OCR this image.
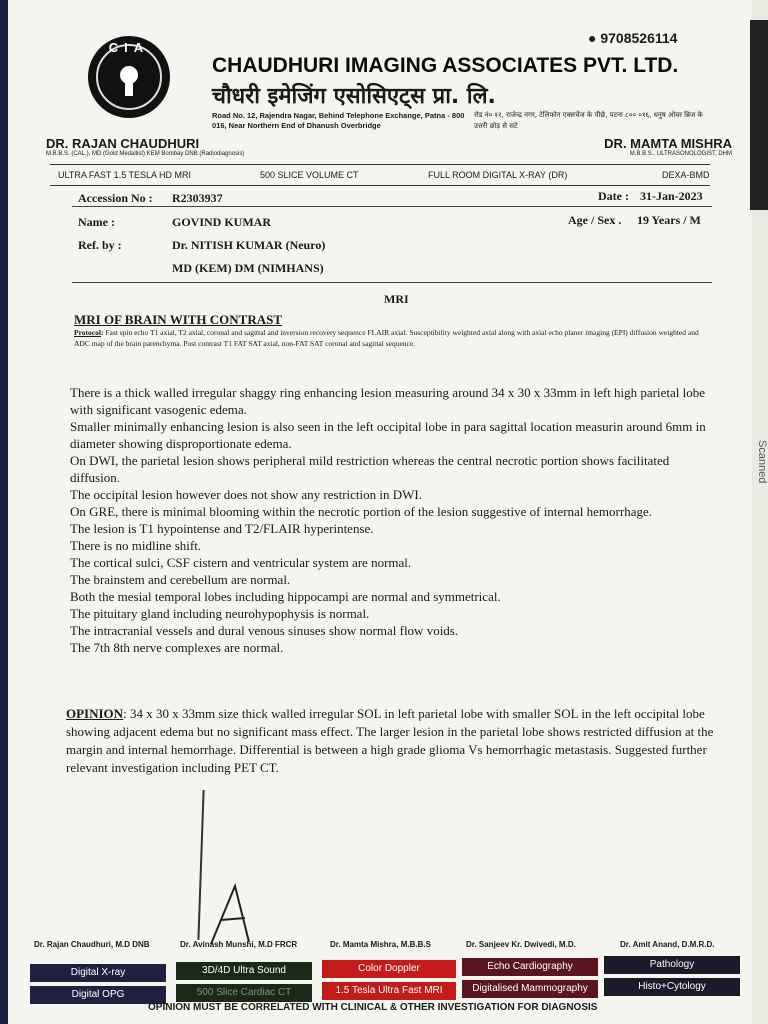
Scanned
CIA
● 9708526114
CHAUDHURI IMAGING ASSOCIATES PVT. LTD.
चौधरी इमेजिंग एसोसिएट्स प्रा. लि.
Road No. 12, Rajendra Nagar, Behind Telephone Exchange, Patna - 800 016, Near Northern End of Dhanush Overbridge
रोड नं० १२, राजेन्द्र नगर, टेलिफोन एक्सचेंज के पीछे, पटना ८०० ०१६, धनुष ओवर ब्रिज के उत्तरी छोड़ से सटे
DR. RAJAN CHAUDHURI
M.B.B.S. (CAL.), MD (Gold Medallist) KEM Bombay DNB (Radiodiagnosis)
DR. MAMTA MISHRA
M.B.B.S., ULTRASONOLOGIST, DHM
ULTRA FAST 1.5 TESLA HD MRI	500 SLICE VOLUME CT	FULL ROOM DIGITAL X-RAY (DR)	DEXA-BMD
Accession No : R2303937	Date : 31-Jan-2023
Name :	GOVIND KUMAR	Age / Sex . 19 Years / M
Ref. by :	Dr. NITISH KUMAR (Neuro)
MD (KEM) DM (NIMHANS)
MRI
MRI OF BRAIN WITH CONTRAST
Protocol: Fast spin echo T1 axial, T2 axial, coronal and sagittal and inversion recovery sequence FLAIR axial. Susceptibility weighted axial along with axial echo planer imaging (EPI) diffusion weighted and ADC map of the brain parenchyma. Post contrast T1 FAT SAT axial, non-FAT SAT coronal and sagittal sequence.
There is a thick walled irregular shaggy ring enhancing lesion measuring around 34 x 30 x 33mm in left high parietal lobe with significant vasogenic edema.
Smaller minimally enhancing lesion is also seen in the left occipital lobe in para sagittal location measurin around 6mm in diameter showing disproportionate edema.
On DWI, the parietal lesion shows peripheral mild restriction whereas the central necrotic portion shows facilitated diffusion.
The occipital lesion however does not show any restriction in DWI.
On GRE, there is minimal blooming within the necrotic portion of the lesion suggestive of internal hemorrhage.
The lesion is T1 hypointense and T2/FLAIR hyperintense.
There is no midline shift.
The cortical sulci, CSF cistern and ventricular system are normal.
The brainstem and cerebellum are normal.
Both the mesial temporal lobes including hippocampi are normal and symmetrical.
The pituitary gland including neurohypophysis is normal.
The intracranial vessels and dural venous sinuses show normal flow voids.
The 7th 8th nerve complexes are normal.
OPINION: 34 x 30 x 33mm size thick walled irregular SOL in left parietal lobe with smaller SOL in the left occipital lobe showing adjacent edema but no significant mass effect. The larger lesion in the parietal lobe shows restricted diffusion at the margin and internal hemorrhage. Differential is between a high grade glioma Vs hemorrhagic metastasis. Suggested further relevant investigation including PET CT.
Dr. Rajan Chaudhuri, M.D DNB	Dr. Avinash Munshi, M.D FRCR	Dr. Mamta Mishra, M.B.B.S	Dr. Sanjeev Kr. Dwivedi, M.D.	Dr. Amit Anand, D.M.R.D.
Digital X-ray	3D/4D Ultra Sound	Color Doppler	Echo Cardiography	Pathology
Digital OPG	500 Slice Cardiac CT	1.5 Tesla Ultra Fast MRI	Digitalised Mammography	Histo+Cytology
OPINION MUST BE CORRELATED WITH CLINICAL & OTHER INVESTIGATION FOR DIAGNOSIS
